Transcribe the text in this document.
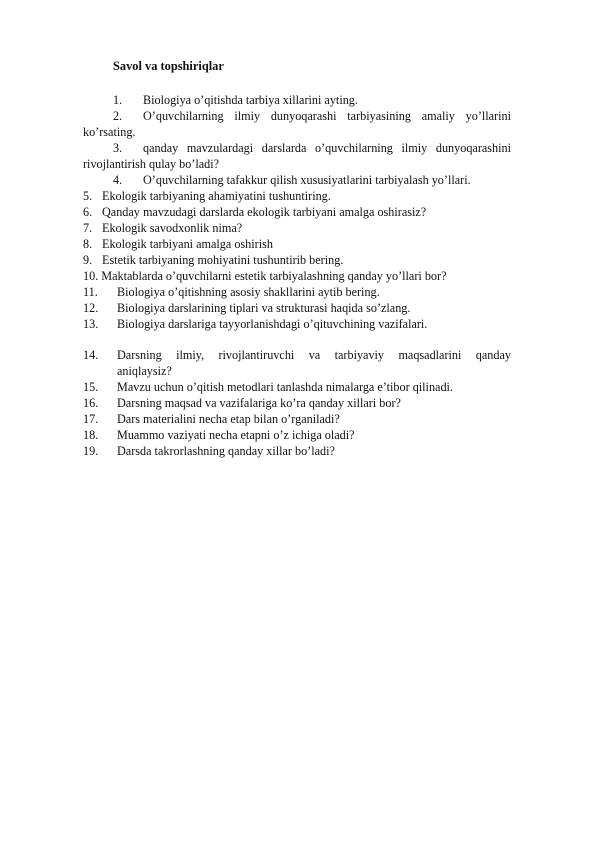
Savol va topshiriqlar
1. Biologiya o’qitishda tarbiya xillarini ayting.
2. O’quvchilarning ilmiy dunyoqarashi tarbiyasining amaliy yo’llarini
ko’rsating.
3. qanday mavzulardagi darslarda o’quvchilarning ilmiy dunyoqarashini
rivojlantirish qulay bo’ladi?
4. O’quvchilarning tafakkur qilish xususiyatlarini tarbiyalash yo’llari.
5. Ekologik tarbiyaning ahamiyatini tushuntiring.
6. Qanday mavzudagi darslarda ekologik tarbiyani amalga oshirasiz?
7. Ekologik savodxonlik nima?
8. Ekologik tarbiyani amalga oshirish
9. Estetik tarbiyaning mohiyatini tushuntirib bering.
10. Maktablarda o’quvchilarni estetik tarbiyalashning qanday yo’llari bor?
11. Biologiya o’qitishning asosiy shakllarini aytib bering.
12. Biologiya darslarining tiplari va strukturasi haqida so’zlang.
13. Biologiya darslariga tayyorlanishdagi o’qituvchining vazifalari.
14. Darsning ilmiy, rivojlantiruvchi va tarbiyaviy maqsadlarini qanday
aniqlaysiz?
15. Mavzu uchun o’qitish metodlari tanlashda nimalarga e’tibor qilinadi.
16. Darsning maqsad va vazifalariga ko’ra qanday xillari bor?
17. Dars materialini necha etap bilan o’rganiladi?
18. Muammo vaziyati necha etapni o’z ichiga oladi?
19. Darsda takrorlashning qanday xillar bo’ladi?
